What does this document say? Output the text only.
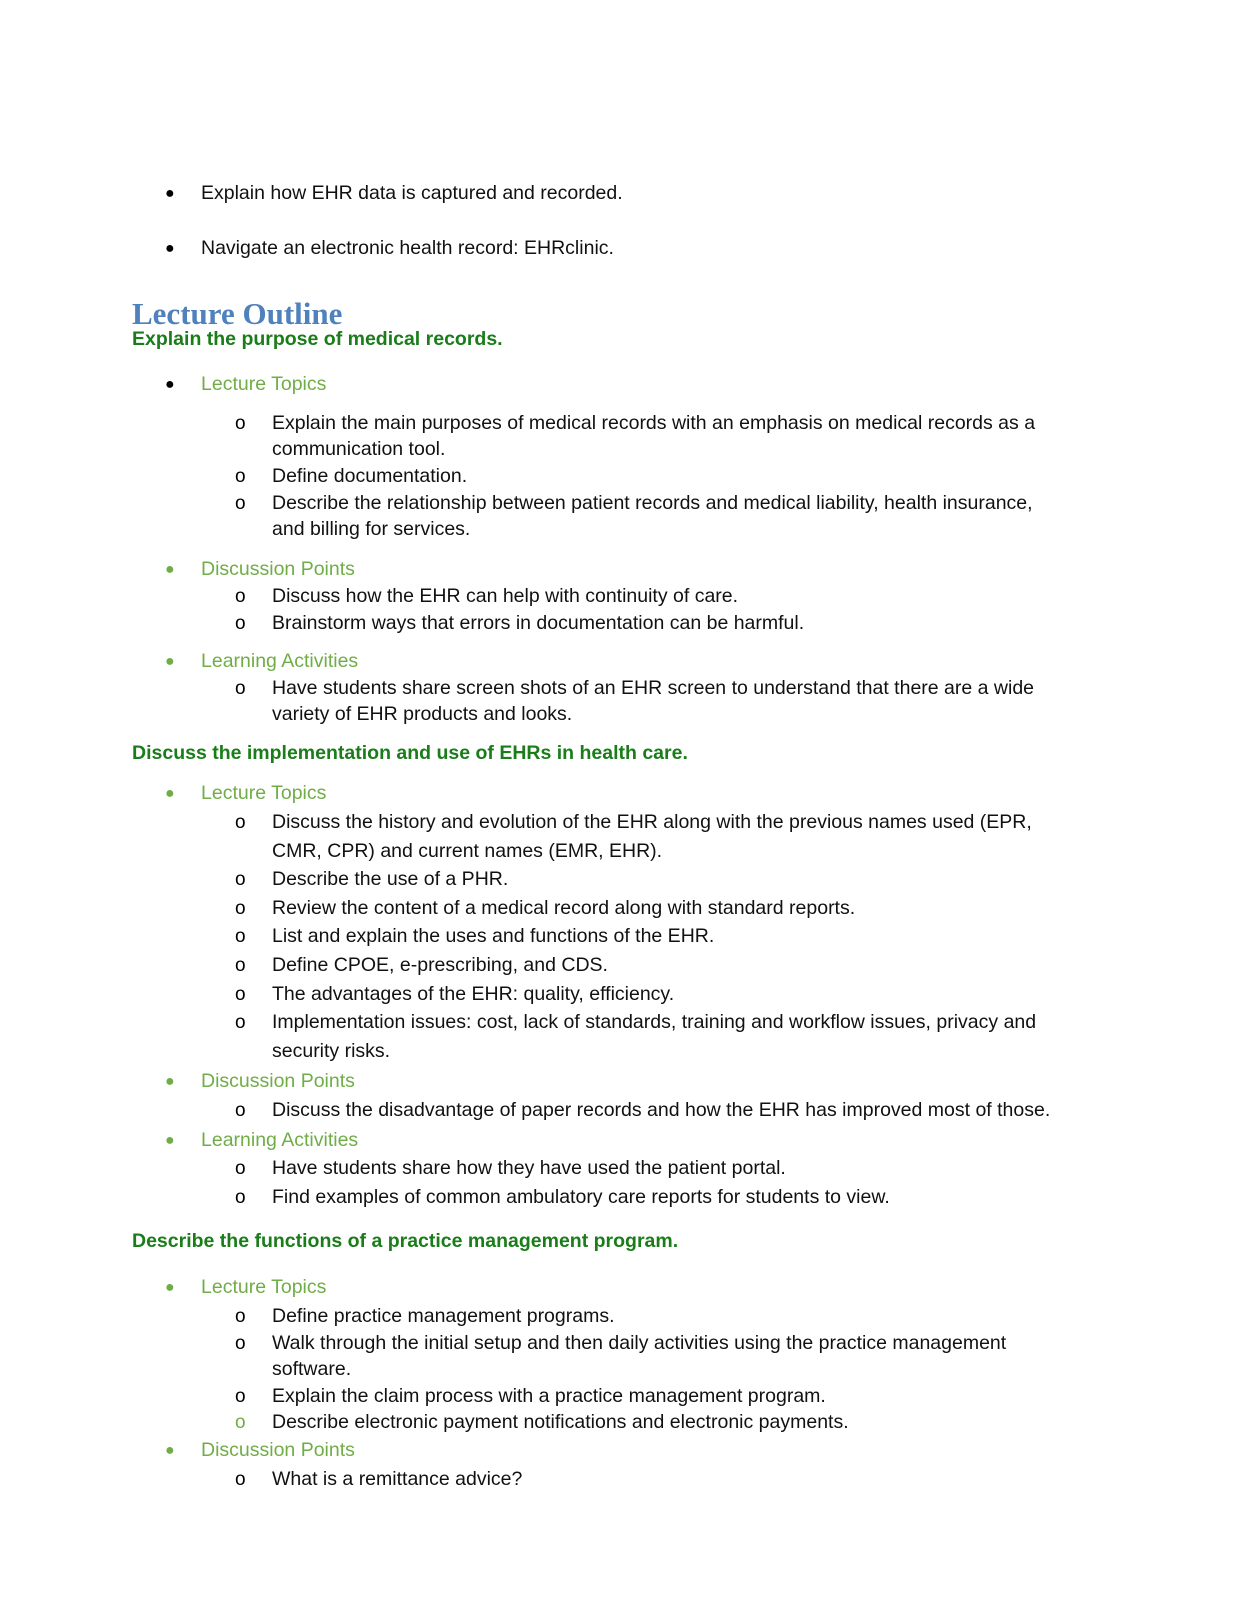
● Explain how EHR data is captured and recorded.
● Navigate an electronic health record: EHRclinic.
Lecture Outline
Explain the purpose of medical records.
● Lecture Topics
o Explain the main purposes of medical records with an emphasis on medical records as a
communication tool.
o Define documentation.
o Describe the relationship between patient records and medical liability, health insurance,
and billing for services.
● Discussion Points
o Discuss how the EHR can help with continuity of care.
o Brainstorm ways that errors in documentation can be harmful.
● Learning Activities
o Have students share screen shots of an EHR screen to understand that there are a wide
variety of EHR products and looks.
Discuss the implementation and use of EHRs in health care.
● Lecture Topics
o Discuss the history and evolution of the EHR along with the previous names used (EPR,
CMR, CPR) and current names (EMR, EHR).
o Describe the use of a PHR.
o Review the content of a medical record along with standard reports.
o List and explain the uses and functions of the EHR.
o Define CPOE, e-prescribing, and CDS.
o The advantages of the EHR: quality, efficiency.
o Implementation issues: cost, lack of standards, training and workflow issues, privacy and
security risks.
● Discussion Points
o Discuss the disadvantage of paper records and how the EHR has improved most of those.
● Learning Activities
o Have students share how they have used the patient portal.
o Find examples of common ambulatory care reports for students to view.
Describe the functions of a practice management program.
● Lecture Topics
o Define practice management programs.
o Walk through the initial setup and then daily activities using the practice management
software.
o Explain the claim process with a practice management program.
o Describe electronic payment notifications and electronic payments.
● Discussion Points
o What is a remittance advice?
